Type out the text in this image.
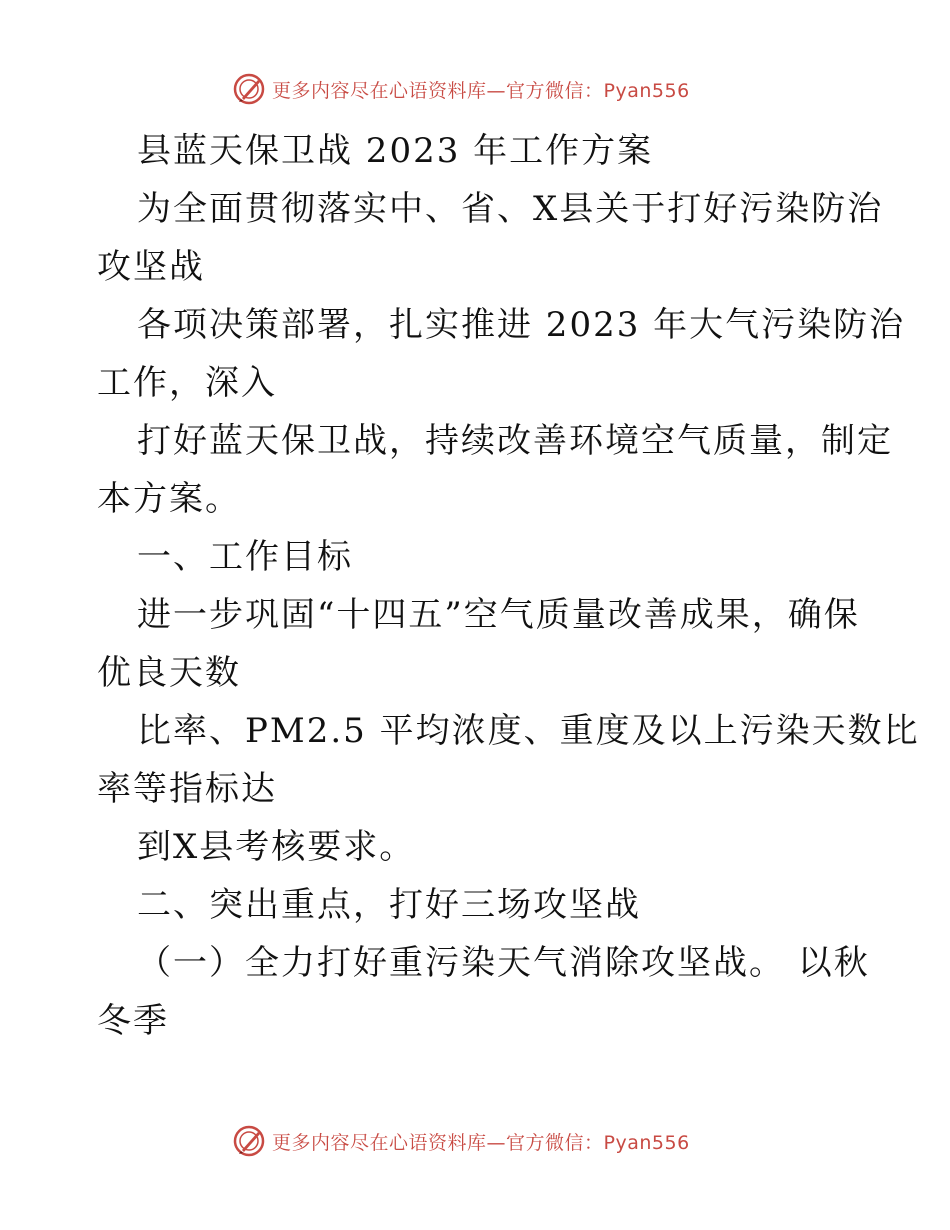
更多内容尽在心语资料库—官方微信：Pyan556
县蓝天保卫战 2023 年工作方案
为全面贯彻落实中、省、X县关于打好污染防治
攻坚战
各项决策部署，扎实推进 2023 年大气污染防治
工作，深入
打好蓝天保卫战，持续改善环境空气质量，制定
本方案。
一、工作目标
进一步巩固“十四五”空气质量改善成果，确保
优良天数
比率、PM2.5 平均浓度、重度及以上污染天数比
率等指标达
到X县考核要求。
二、突出重点，打好三场攻坚战
（一）全力打好重污染天气消除攻坚战。 以秋
冬季
更多内容尽在心语资料库—官方微信：Pyan556
